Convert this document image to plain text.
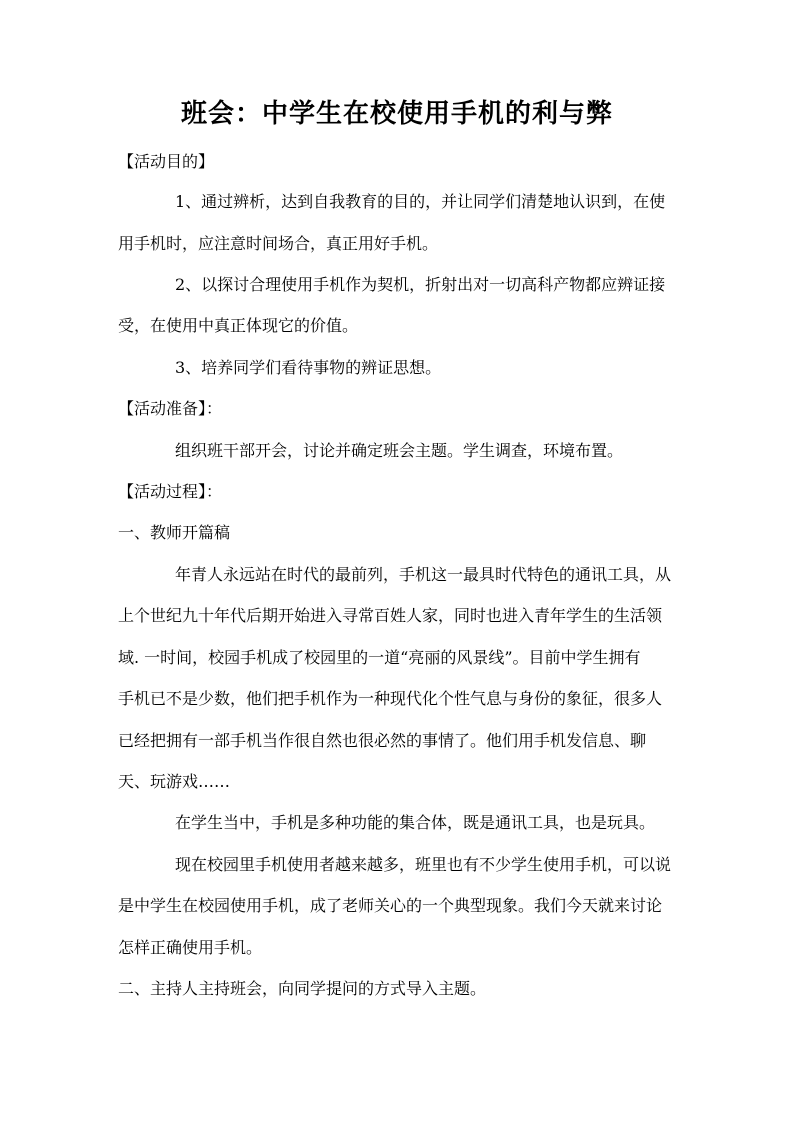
班会：中学生在校使用手机的利与弊
【活动目的】
1、通过辨析，达到自我教育的目的，并让同学们清楚地认识到，在使
用手机时，应注意时间场合，真正用好手机。
2、以探讨合理使用手机作为契机，折射出对一切高科产物都应辨证接
受，在使用中真正体现它的价值。
3、培养同学们看待事物的辨证思想。
【活动准备】：
组织班干部开会，讨论并确定班会主题。学生调查，环境布置。
【活动过程】：
一、教师开篇稿
年青人永远站在时代的最前列，手机这一最具时代特色的通讯工具，从
上个世纪九十年代后期开始进入寻常百姓人家，同时也进入青年学生的生活领
域. 一时间，校园手机成了校园里的一道“亮丽的风景线”。目前中学生拥有
手机已不是少数，他们把手机作为一种现代化个性气息与身份的象征，很多人
已经把拥有一部手机当作很自然也很必然的事情了。他们用手机发信息、聊
天、玩游戏……
在学生当中，手机是多种功能的集合体，既是通讯工具，也是玩具。
现在校园里手机使用者越来越多，班里也有不少学生使用手机，可以说
是中学生在校园使用手机，成了老师关心的一个典型现象。我们今天就来讨论
怎样正确使用手机。
二、主持人主持班会，向同学提问的方式导入主题。
